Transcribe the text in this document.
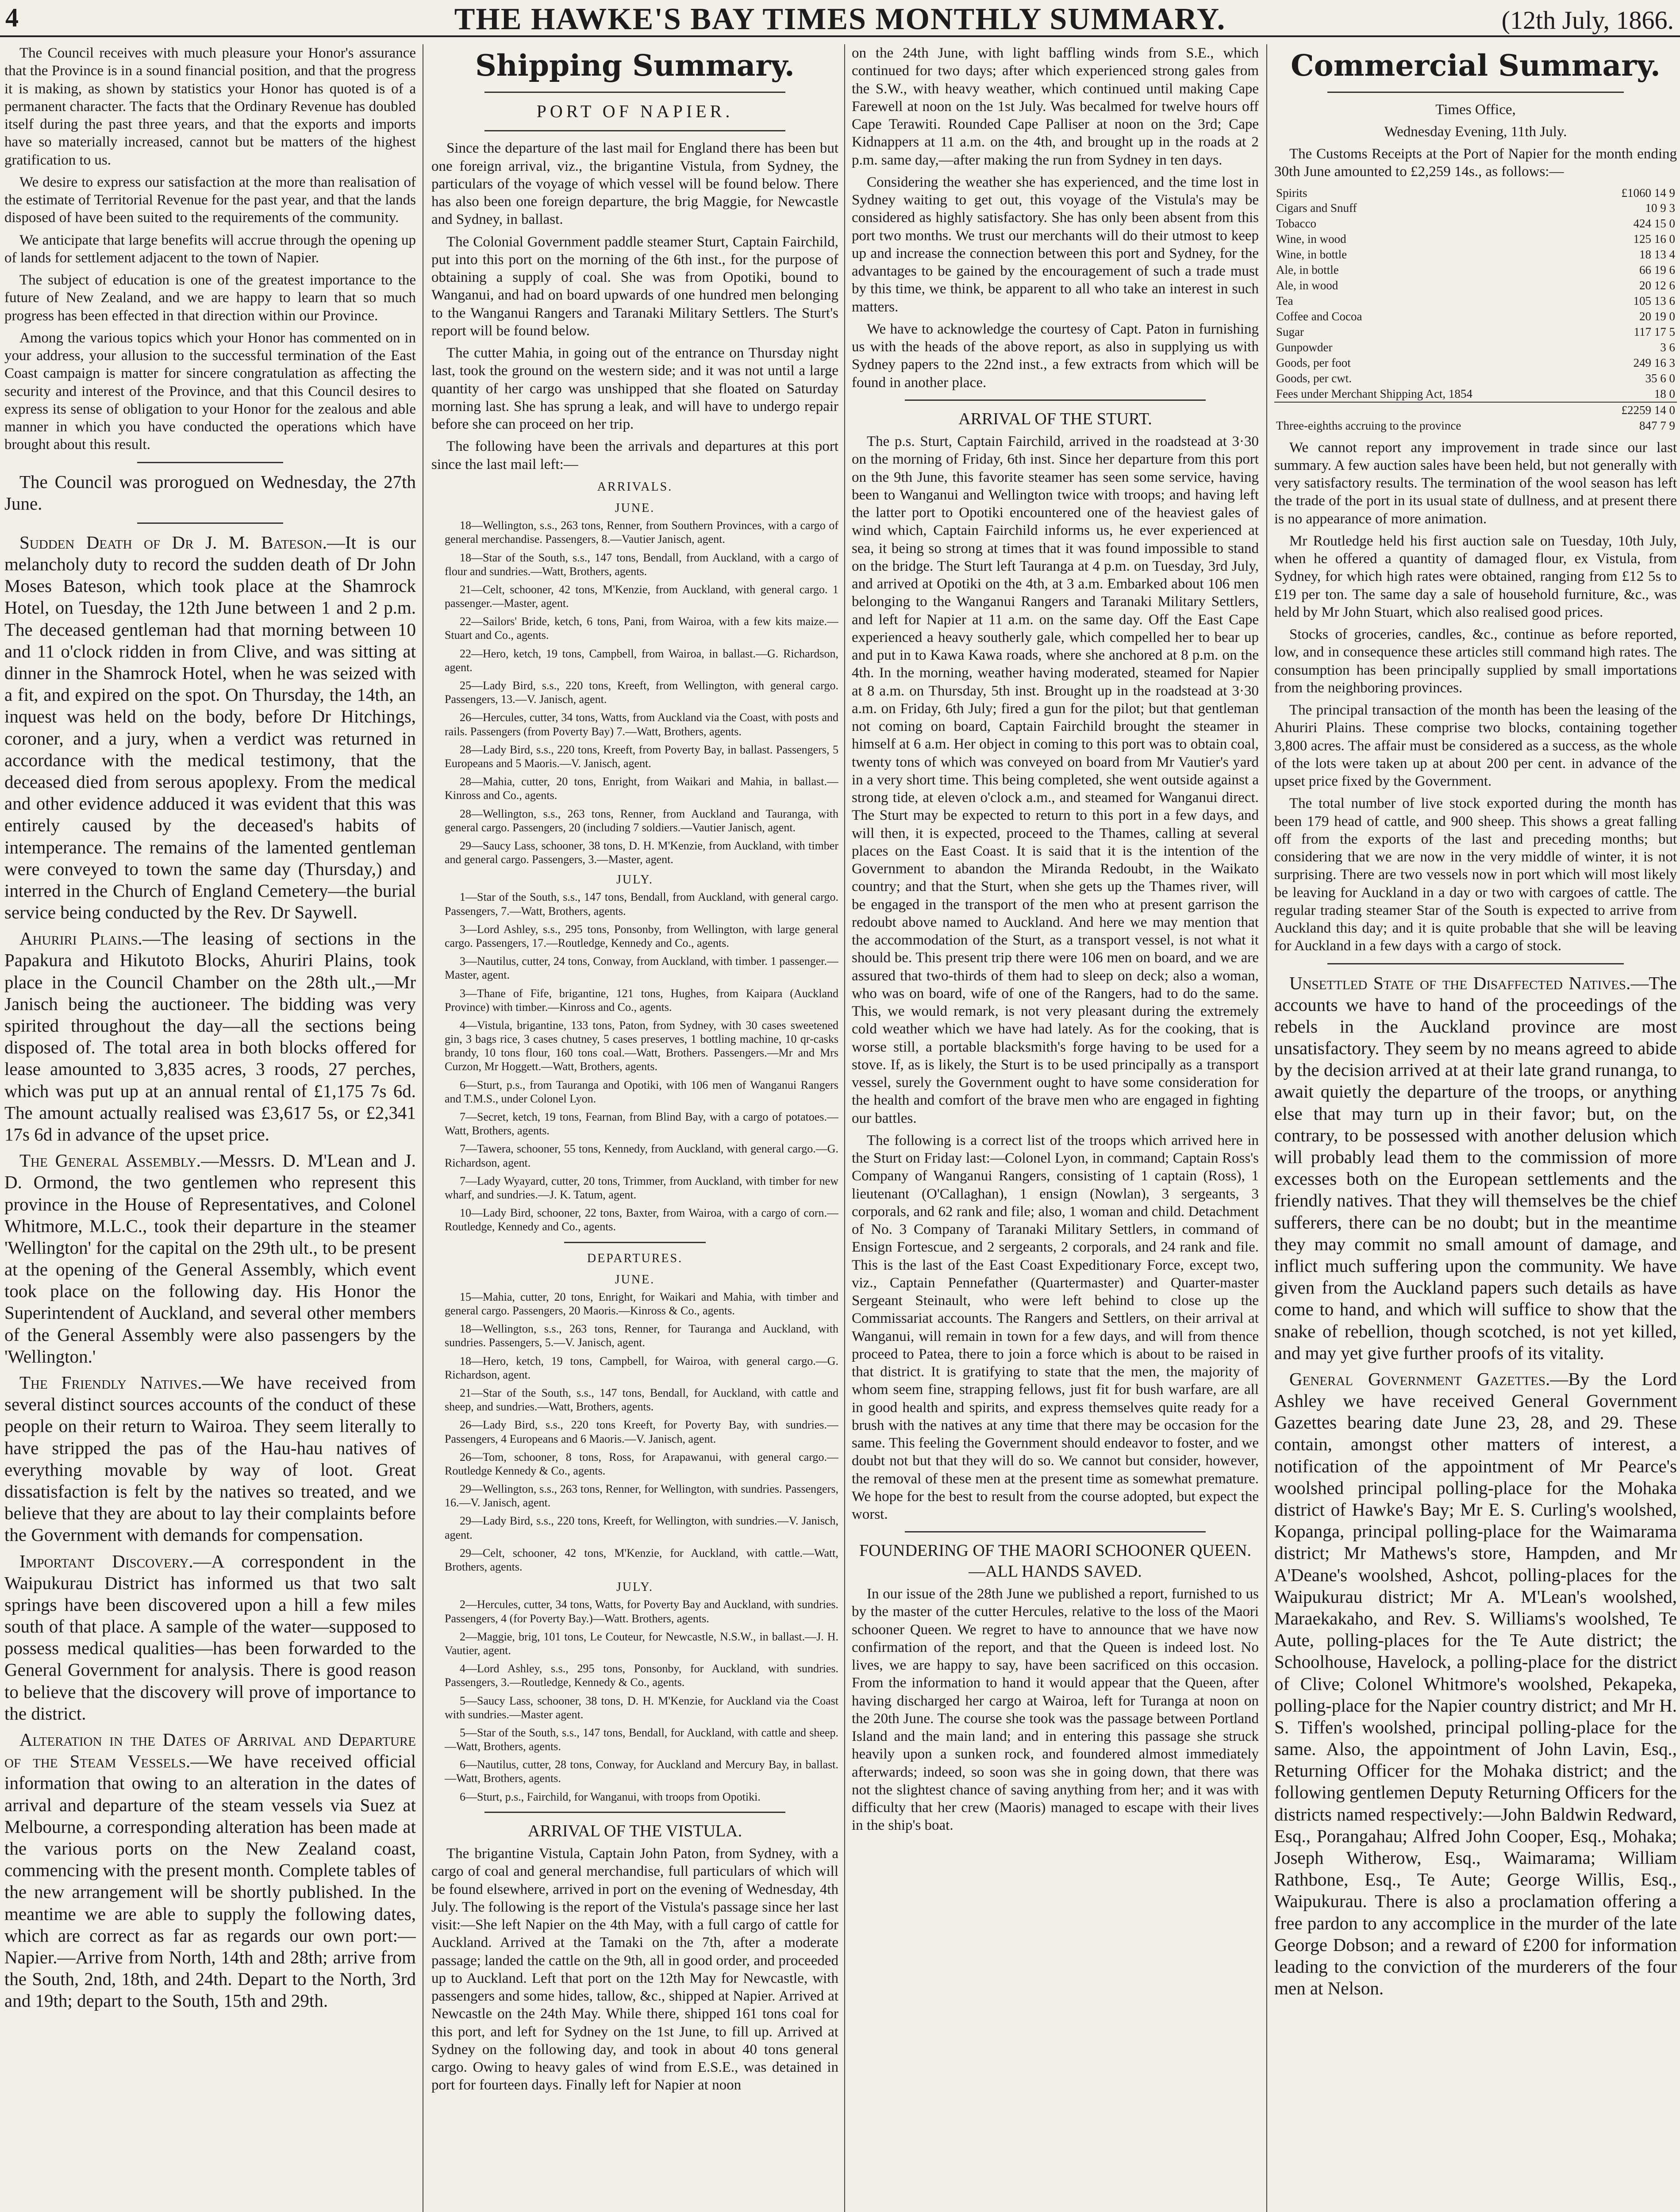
4	THE HAWKE'S BAY TIMES MONTHLY SUMMARY.	(12th July, 1866.

The Council receives with much pleasure your Honor's assurance that the Province is in a sound financial position, and that the progress it is making, as shown by statistics your Honor has quoted is of a permanent character. The facts that the Ordinary Revenue has doubled itself during the past three years, and that the exports and imports have so materially increased, cannot but be matters of the highest gratification to us.

We desire to express our satisfaction at the more than realisation of the estimate of Territorial Revenue for the past year, and that the lands disposed of have been suited to the requirements of the community.

We anticipate that large benefits will accrue through the opening up of lands for settlement adjacent to the town of Napier.

The subject of education is one of the greatest importance to the future of New Zealand, and we are happy to learn that so much progress has been effected in that direction within our Province.

Among the various topics which your Honor has commented on in your address, your allusion to the successful termination of the East Coast campaign is matter for sincere congratulation as affecting the security and interest of the Province, and that this Council desires to express its sense of obligation to your Honor for the zealous and able manner in which you have conducted the operations which have brought about this result.

The Council was prorogued on Wednesday, the 27th June.

Sudden Death of Dr J. M. Bateson.—It is our melancholy duty to record the sudden death of Dr John Moses Bateson, which took place at the Shamrock Hotel, on Tuesday, the 12th June between 1 and 2 p.m. The deceased gentleman had that morning between 10 and 11 o'clock ridden in from Clive, and was sitting at dinner in the Shamrock Hotel, when he was seized with a fit, and expired on the spot. On Thursday, the 14th, an inquest was held on the body, before Dr Hitchings, coroner, and a jury, when a verdict was returned in accordance with the medical testimony, that the deceased died from serous apoplexy. From the medical and other evidence adduced it was evident that this was entirely caused by the deceased's habits of intemperance. The remains of the lamented gentleman were conveyed to town the same day (Thursday,) and interred in the Church of England Cemetery—the burial service being conducted by the Rev. Dr Saywell.

Ahuriri Plains.—The leasing of sections in the Papakura and Hikutoto Blocks, Ahuriri Plains, took place in the Council Chamber on the 28th ult.,—Mr Janisch being the auctioneer. The bidding was very spirited throughout the day—all the sections being disposed of. The total area in both blocks offered for lease amounted to 3,835 acres, 3 roods, 27 perches, which was put up at an annual rental of £1,175 7s 6d. The amount actually realised was £3,617 5s, or £2,341 17s 6d in advance of the upset price.

The General Assembly.—Messrs. D. M'Lean and J. D. Ormond, the two gentlemen who represent this province in the House of Representatives, and Colonel Whitmore, M.L.C., took their departure in the steamer 'Wellington' for the capital on the 29th ult., to be present at the opening of the General Assembly, which event took place on the following day. His Honor the Superintendent of Auckland, and several other members of the General Assembly were also passengers by the 'Wellington.'

The Friendly Natives.—We have received from several distinct sources accounts of the conduct of these people on their return to Wairoa. They seem literally to have stripped the pas of the Hau-hau natives of everything movable by way of loot. Great dissatisfaction is felt by the natives so treated, and we believe that they are about to lay their complaints before the Government with demands for compensation.

Important Discovery.—A correspondent in the Waipukurau District has informed us that two salt springs have been discovered upon a hill a few miles south of that place. A sample of the water—supposed to possess medical qualities—has been forwarded to the General Government for analysis. There is good reason to believe that the discovery will prove of importance to the district.

Alteration in the Dates of Arrival and Departure of the Steam Vessels.—We have received official information that owing to an alteration in the dates of arrival and departure of the steam vessels via Suez at Melbourne, a corresponding alteration has been made at the various ports on the New Zealand coast, commencing with the present month. Complete tables of the new arrangement will be shortly published. In the meantime we are able to supply the following dates, which are correct as far as regards our own port:—Napier.—Arrive from North, 14th and 28th; arrive from the South, 2nd, 18th, and 24th. Depart to the North, 3rd and 19th; depart to the South, 15th and 29th.

Shipping Summary.
PORT OF NAPIER.

Since the departure of the last mail for England there has been but one foreign arrival, viz., the brigantine Vistula, from Sydney, the particulars of the voyage of which vessel will be found below. There has also been one foreign departure, the brig Maggie, for Newcastle and Sydney, in ballast.

The Colonial Government paddle steamer Sturt, Captain Fairchild, put into this port on the morning of the 6th inst., for the purpose of obtaining a supply of coal. She was from Opotiki, bound to Wanganui, and had on board upwards of one hundred men belonging to the Wanganui Rangers and Taranaki Military Settlers. The Sturt's report will be found below.

The cutter Mahia, in going out of the entrance on Thursday night last, took the ground on the western side; and it was not until a large quantity of her cargo was unshipped that she floated on Saturday morning last. She has sprung a leak, and will have to undergo repair before she can proceed on her trip.

The following have been the arrivals and departures at this port since the last mail left:—

ARRIVALS.
JUNE.

18—Wellington, s.s., 263 tons, Renner, from Southern Provinces, with a cargo of general merchandise. Passengers, 8.—Vautier Janisch, agent.

18—Star of the South, s.s., 147 tons, Bendall, from Auckland, with a cargo of flour and sundries.—Watt, Brothers, agents.

21—Celt, schooner, 42 tons, M'Kenzie, from Auckland, with general cargo. 1 passenger.—Master, agent.

22—Sailors' Bride, ketch, 6 tons, Pani, from Wairoa, with a few kits maize.—Stuart and Co., agents.

22—Hero, ketch, 19 tons, Campbell, from Wairoa, in ballast.—G. Richardson, agent.

25—Lady Bird, s.s., 220 tons, Kreeft, from Wellington, with general cargo. Passengers, 13.—V. Janisch, agent.

26—Hercules, cutter, 34 tons, Watts, from Auckland via the Coast, with posts and rails. Passengers (from Poverty Bay) 7.—Watt, Brothers, agents.

28—Lady Bird, s.s., 220 tons, Kreeft, from Poverty Bay, in ballast. Passengers, 5 Europeans and 5 Maoris.—V. Janisch, agent.

28—Mahia, cutter, 20 tons, Enright, from Waikari and Mahia, in ballast.—Kinross and Co., agents.

28—Wellington, s.s., 263 tons, Renner, from Auckland and Tauranga, with general cargo. Passengers, 20 (including 7 soldiers.—Vautier Janisch, agent.

29—Saucy Lass, schooner, 38 tons, D. H. M'Kenzie, from Auckland, with timber and general cargo. Passengers, 3.—Master, agent.

JULY.

1—Star of the South, s.s., 147 tons, Bendall, from Auckland, with general cargo. Passengers, 7.—Watt, Brothers, agents.

3—Lord Ashley, s.s., 295 tons, Ponsonby, from Wellington, with large general cargo. Passengers, 17.—Routledge, Kennedy and Co., agents.

3—Nautilus, cutter, 24 tons, Conway, from Auckland, with timber. 1 passenger.—Master, agent.

3—Thane of Fife, brigantine, 121 tons, Hughes, from Kaipara (Auckland Province) with timber.—Kinross and Co., agents.

4—Vistula, brigantine, 133 tons, Paton, from Sydney, with 30 cases sweetened gin, 3 bags rice, 3 cases chutney, 5 cases preserves, 1 bottling machine, 10 qr-casks brandy, 10 tons flour, 160 tons coal.—Watt, Brothers. Passengers.—Mr and Mrs Curzon, Mr Hoggett.—Watt, Brothers, agents.

6—Sturt, p.s., from Tauranga and Opotiki, with 106 men of Wanganui Rangers and T.M.S., under Colonel Lyon.

7—Secret, ketch, 19 tons, Fearnan, from Blind Bay, with a cargo of potatoes.—Watt, Brothers, agents.

7—Tawera, schooner, 55 tons, Kennedy, from Auckland, with general cargo.—G. Richardson, agent.

7—Lady Wyayard, cutter, 20 tons, Trimmer, from Auckland, with timber for new wharf, and sundries.—J. K. Tatum, agent.

10—Lady Bird, schooner, 22 tons, Baxter, from Wairoa, with a cargo of corn.—Routledge, Kennedy and Co., agents.

DEPARTURES.
JUNE.

15—Mahia, cutter, 20 tons, Enright, for Waikari and Mahia, with timber and general cargo. Passengers, 20 Maoris.—Kinross & Co., agents.

18—Wellington, s.s., 263 tons, Renner, for Tauranga and Auckland, with sundries. Passengers, 5.—V. Janisch, agent.

18—Hero, ketch, 19 tons, Campbell, for Wairoa, with general cargo.—G. Richardson, agent.

21—Star of the South, s.s., 147 tons, Bendall, for Auckland, with cattle and sheep, and sundries.—Watt, Brothers, agents.

26—Lady Bird, s.s., 220 tons Kreeft, for Poverty Bay, with sundries.—Passengers, 4 Europeans and 6 Maoris.—V. Janisch, agent.

26—Tom, schooner, 8 tons, Ross, for Arapawanui, with general cargo.—Routledge Kennedy & Co., agents.

29—Wellington, s.s., 263 tons, Renner, for Wellington, with sundries. Passengers, 16.—V. Janisch, agent.

29—Lady Bird, s.s., 220 tons, Kreeft, for Wellington, with sundries.—V. Janisch, agent.

29—Celt, schooner, 42 tons, M'Kenzie, for Auckland, with cattle.—Watt, Brothers, agents.

JULY.

2—Hercules, cutter, 34 tons, Watts, for Poverty Bay and Auckland, with sundries. Passengers, 4 (for Poverty Bay.)—Watt. Brothers, agents.

2—Maggie, brig, 101 tons, Le Couteur, for Newcastle, N.S.W., in ballast.—J. H. Vautier, agent.

4—Lord Ashley, s.s., 295 tons, Ponsonby, for Auckland, with sundries. Passengers, 3.—Routledge, Kennedy & Co., agents.

5—Saucy Lass, schooner, 38 tons, D. H. M'Kenzie, for Auckland via the Coast with sundries.—Master agent.

5—Star of the South, s.s., 147 tons, Bendall, for Auckland, with cattle and sheep.—Watt, Brothers, agents.

6—Nautilus, cutter, 28 tons, Conway, for Auckland and Mercury Bay, in ballast.—Watt, Brothers, agents.

6—Sturt, p.s., Fairchild, for Wanganui, with troops from Opotiki.

ARRIVAL OF THE VISTULA.

The brigantine Vistula, Captain John Paton, from Sydney, with a cargo of coal and general merchandise, full particulars of which will be found elsewhere, arrived in port on the evening of Wednesday, 4th July. The following is the report of the Vistula's passage since her last visit:—She left Napier on the 4th May, with a full cargo of cattle for Auckland. Arrived at the Tamaki on the 7th, after a moderate passage; landed the cattle on the 9th, all in good order, and proceeded up to Auckland. Left that port on the 12th May for Newcastle, with passengers and some hides, tallow, &c., shipped at Napier. Arrived at Newcastle on the 24th May. While there, shipped 161 tons coal for this port, and left for Sydney on the 1st June, to fill up. Arrived at Sydney on the following day, and took in about 40 tons general cargo. Owing to heavy gales of wind from E.S.E., was detained in port for fourteen days. Finally left for Napier at noon

on the 24th June, with light baffling winds from S.E., which continued for two days; after which experienced strong gales from the S.W., with heavy weather, which continued until making Cape Farewell at noon on the 1st July. Was becalmed for twelve hours off Cape Terawiti. Rounded Cape Palliser at noon on the 3rd; Cape Kidnappers at 11 a.m. on the 4th, and brought up in the roads at 2 p.m. same day,—after making the run from Sydney in ten days.

Considering the weather she has experienced, and the time lost in Sydney waiting to get out, this voyage of the Vistula's may be considered as highly satisfactory. She has only been absent from this port two months. We trust our merchants will do their utmost to keep up and increase the connection between this port and Sydney, for the advantages to be gained by the encouragement of such a trade must by this time, we think, be apparent to all who take an interest in such matters.

We have to acknowledge the courtesy of Capt. Paton in furnishing us with the heads of the above report, as also in supplying us with Sydney papers to the 22nd inst., a few extracts from which will be found in another place.

ARRIVAL OF THE STURT.

The p.s. Sturt, Captain Fairchild, arrived in the roadstead at 3·30 on the morning of Friday, 6th inst. Since her departure from this port on the 9th June, this favorite steamer has seen some service, having been to Wanganui and Wellington twice with troops; and having left the latter port to Opotiki encountered one of the heaviest gales of wind which, Captain Fairchild informs us, he ever experienced at sea, it being so strong at times that it was found impossible to stand on the bridge. The Sturt left Tauranga at 4 p.m. on Tuesday, 3rd July, and arrived at Opotiki on the 4th, at 3 a.m. Embarked about 106 men belonging to the Wanganui Rangers and Taranaki Military Settlers, and left for Napier at 11 a.m. on the same day. Off the East Cape experienced a heavy southerly gale, which compelled her to bear up and put in to Kawa Kawa roads, where she anchored at 8 p.m. on the 4th. In the morning, weather having moderated, steamed for Napier at 8 a.m. on Thursday, 5th inst. Brought up in the roadstead at 3·30 a.m. on Friday, 6th July; fired a gun for the pilot; but that gentleman not coming on board, Captain Fairchild brought the steamer in himself at 6 a.m. Her object in coming to this port was to obtain coal, twenty tons of which was conveyed on board from Mr Vautier's yard in a very short time. This being completed, she went outside against a strong tide, at eleven o'clock a.m., and steamed for Wanganui direct. The Sturt may be expected to return to this port in a few days, and will then, it is expected, proceed to the Thames, calling at several places on the East Coast. It is said that it is the intention of the Government to abandon the Miranda Redoubt, in the Waikato country; and that the Sturt, when she gets up the Thames river, will be engaged in the transport of the men who at present garrison the redoubt above named to Auckland. And here we may mention that the accommodation of the Sturt, as a transport vessel, is not what it should be. This present trip there were 106 men on board, and we are assured that two-thirds of them had to sleep on deck; also a woman, who was on board, wife of one of the Rangers, had to do the same. This, we would remark, is not very pleasant during the extremely cold weather which we have had lately. As for the cooking, that is worse still, a portable blacksmith's forge having to be used for a stove. If, as is likely, the Sturt is to be used principally as a transport vessel, surely the Government ought to have some consideration for the health and comfort of the brave men who are engaged in fighting our battles.

The following is a correct list of the troops which arrived here in the Sturt on Friday last:—Colonel Lyon, in command; Captain Ross's Company of Wanganui Rangers, consisting of 1 captain (Ross), 1 lieutenant (O'Callaghan), 1 ensign (Nowlan), 3 sergeants, 3 corporals, and 62 rank and file; also, 1 woman and child. Detachment of No. 3 Company of Taranaki Military Settlers, in command of Ensign Fortescue, and 2 sergeants, 2 corporals, and 24 rank and file. This is the last of the East Coast Expeditionary Force, except two, viz., Captain Pennefather (Quartermaster) and Quarter-master Sergeant Steinault, who were left behind to close up the Commissariat accounts. The Rangers and Settlers, on their arrival at Wanganui, will remain in town for a few days, and will from thence proceed to Patea, there to join a force which is about to be raised in that district. It is gratifying to state that the men, the majority of whom seem fine, strapping fellows, just fit for bush warfare, are all in good health and spirits, and express themselves quite ready for a brush with the natives at any time that there may be occasion for the same. This feeling the Government should endeavor to foster, and we doubt not but that they will do so. We cannot but consider, however, the removal of these men at the present time as somewhat premature. We hope for the best to result from the course adopted, but expect the worst.

FOUNDERING OF THE MAORI SCHOONER QUEEN.—ALL HANDS SAVED.

In our issue of the 28th June we published a report, furnished to us by the master of the cutter Hercules, relative to the loss of the Maori schooner Queen. We regret to have to announce that we have now confirmation of the report, and that the Queen is indeed lost. No lives, we are happy to say, have been sacrificed on this occasion. From the information to hand it would appear that the Queen, after having discharged her cargo at Wairoa, left for Turanga at noon on the 20th June. The course she took was the passage between Portland Island and the main land; and in entering this passage she struck heavily upon a sunken rock, and foundered almost immediately afterwards; indeed, so soon was she in going down, that there was not the slightest chance of saving anything from her; and it was with difficulty that her crew (Maoris) managed to escape with their lives in the ship's boat.

Commercial Summary.

Times Office,

Wednesday Evening, 11th July.

The Customs Receipts at the Port of Napier for the month ending 30th June amounted to £2,259 14s., as follows:—

Spirits	£1060 14 9
Cigars and Snuff	10 9 3
Tobacco	424 15 0
Wine, in wood	125 16 0
Wine, in bottle	18 13 4
Ale, in bottle	66 19 6
Ale, in wood	20 12 6
Tea	105 13 6
Coffee and Cocoa	20 19 0
Sugar	117 17 5
Gunpowder	3 6
Goods, per foot	249 16 3
Goods, per cwt.	35 6 0
Fees under Merchant Shipping Act, 1854	18 0
	£2259 14 0
Three-eighths accruing to the province	847 7 9

We cannot report any improvement in trade since our last summary. A few auction sales have been held, but not generally with very satisfactory results. The termination of the wool season has left the trade of the port in its usual state of dullness, and at present there is no appearance of more animation.

Mr Routledge held his first auction sale on Tuesday, 10th July, when he offered a quantity of damaged flour, ex Vistula, from Sydney, for which high rates were obtained, ranging from £12 5s to £19 per ton. The same day a sale of household furniture, &c., was held by Mr John Stuart, which also realised good prices.

Stocks of groceries, candles, &c., continue as before reported, low, and in consequence these articles still command high rates. The consumption has been principally supplied by small importations from the neighboring provinces.

The principal transaction of the month has been the leasing of the Ahuriri Plains. These comprise two blocks, containing together 3,800 acres. The affair must be considered as a success, as the whole of the lots were taken up at about 200 per cent. in advance of the upset price fixed by the Government.

The total number of live stock exported during the month has been 179 head of cattle, and 900 sheep. This shows a great falling off from the exports of the last and preceding months; but considering that we are now in the very middle of winter, it is not surprising. There are two vessels now in port which will most likely be leaving for Auckland in a day or two with cargoes of cattle. The regular trading steamer Star of the South is expected to arrive from Auckland this day; and it is quite probable that she will be leaving for Auckland in a few days with a cargo of stock.

Unsettled State of the Disaffected Natives.—The accounts we have to hand of the proceedings of the rebels in the Auckland province are most unsatisfactory. They seem by no means agreed to abide by the decision arrived at at their late grand runanga, to await quietly the departure of the troops, or anything else that may turn up in their favor; but, on the contrary, to be possessed with another delusion which will probably lead them to the commission of more excesses both on the European settlements and the friendly natives. That they will themselves be the chief sufferers, there can be no doubt; but in the meantime they may commit no small amount of damage, and inflict much suffering upon the community. We have given from the Auckland papers such details as have come to hand, and which will suffice to show that the snake of rebellion, though scotched, is not yet killed, and may yet give further proofs of its vitality.

General Government Gazettes.—By the Lord Ashley we have received General Government Gazettes bearing date June 23, 28, and 29. These contain, amongst other matters of interest, a notification of the appointment of Mr Pearce's woolshed principal polling-place for the Mohaka district of Hawke's Bay; Mr E. S. Curling's woolshed, Kopanga, principal polling-place for the Waimarama district; Mr Mathews's store, Hampden, and Mr A'Deane's woolshed, Ashcot, polling-places for the Waipukurau district; Mr A. M'Lean's woolshed, Maraekakaho, and Rev. S. Williams's woolshed, Te Aute, polling-places for the Te Aute district; the Schoolhouse, Havelock, a polling-place for the district of Clive; Colonel Whitmore's woolshed, Pekapeka, polling-place for the Napier country district; and Mr H. S. Tiffen's woolshed, principal polling-place for the same. Also, the appointment of John Lavin, Esq., Returning Officer for the Mohaka district; and the following gentlemen Deputy Returning Officers for the districts named respectively:—John Baldwin Redward, Esq., Porangahau; Alfred John Cooper, Esq., Mohaka; Joseph Witherow, Esq., Waimarama; William Rathbone, Esq., Te Aute; George Willis, Esq., Waipukurau. There is also a proclamation offering a free pardon to any accomplice in the murder of the late George Dobson; and a reward of £200 for information leading to the conviction of the murderers of the four men at Nelson.
